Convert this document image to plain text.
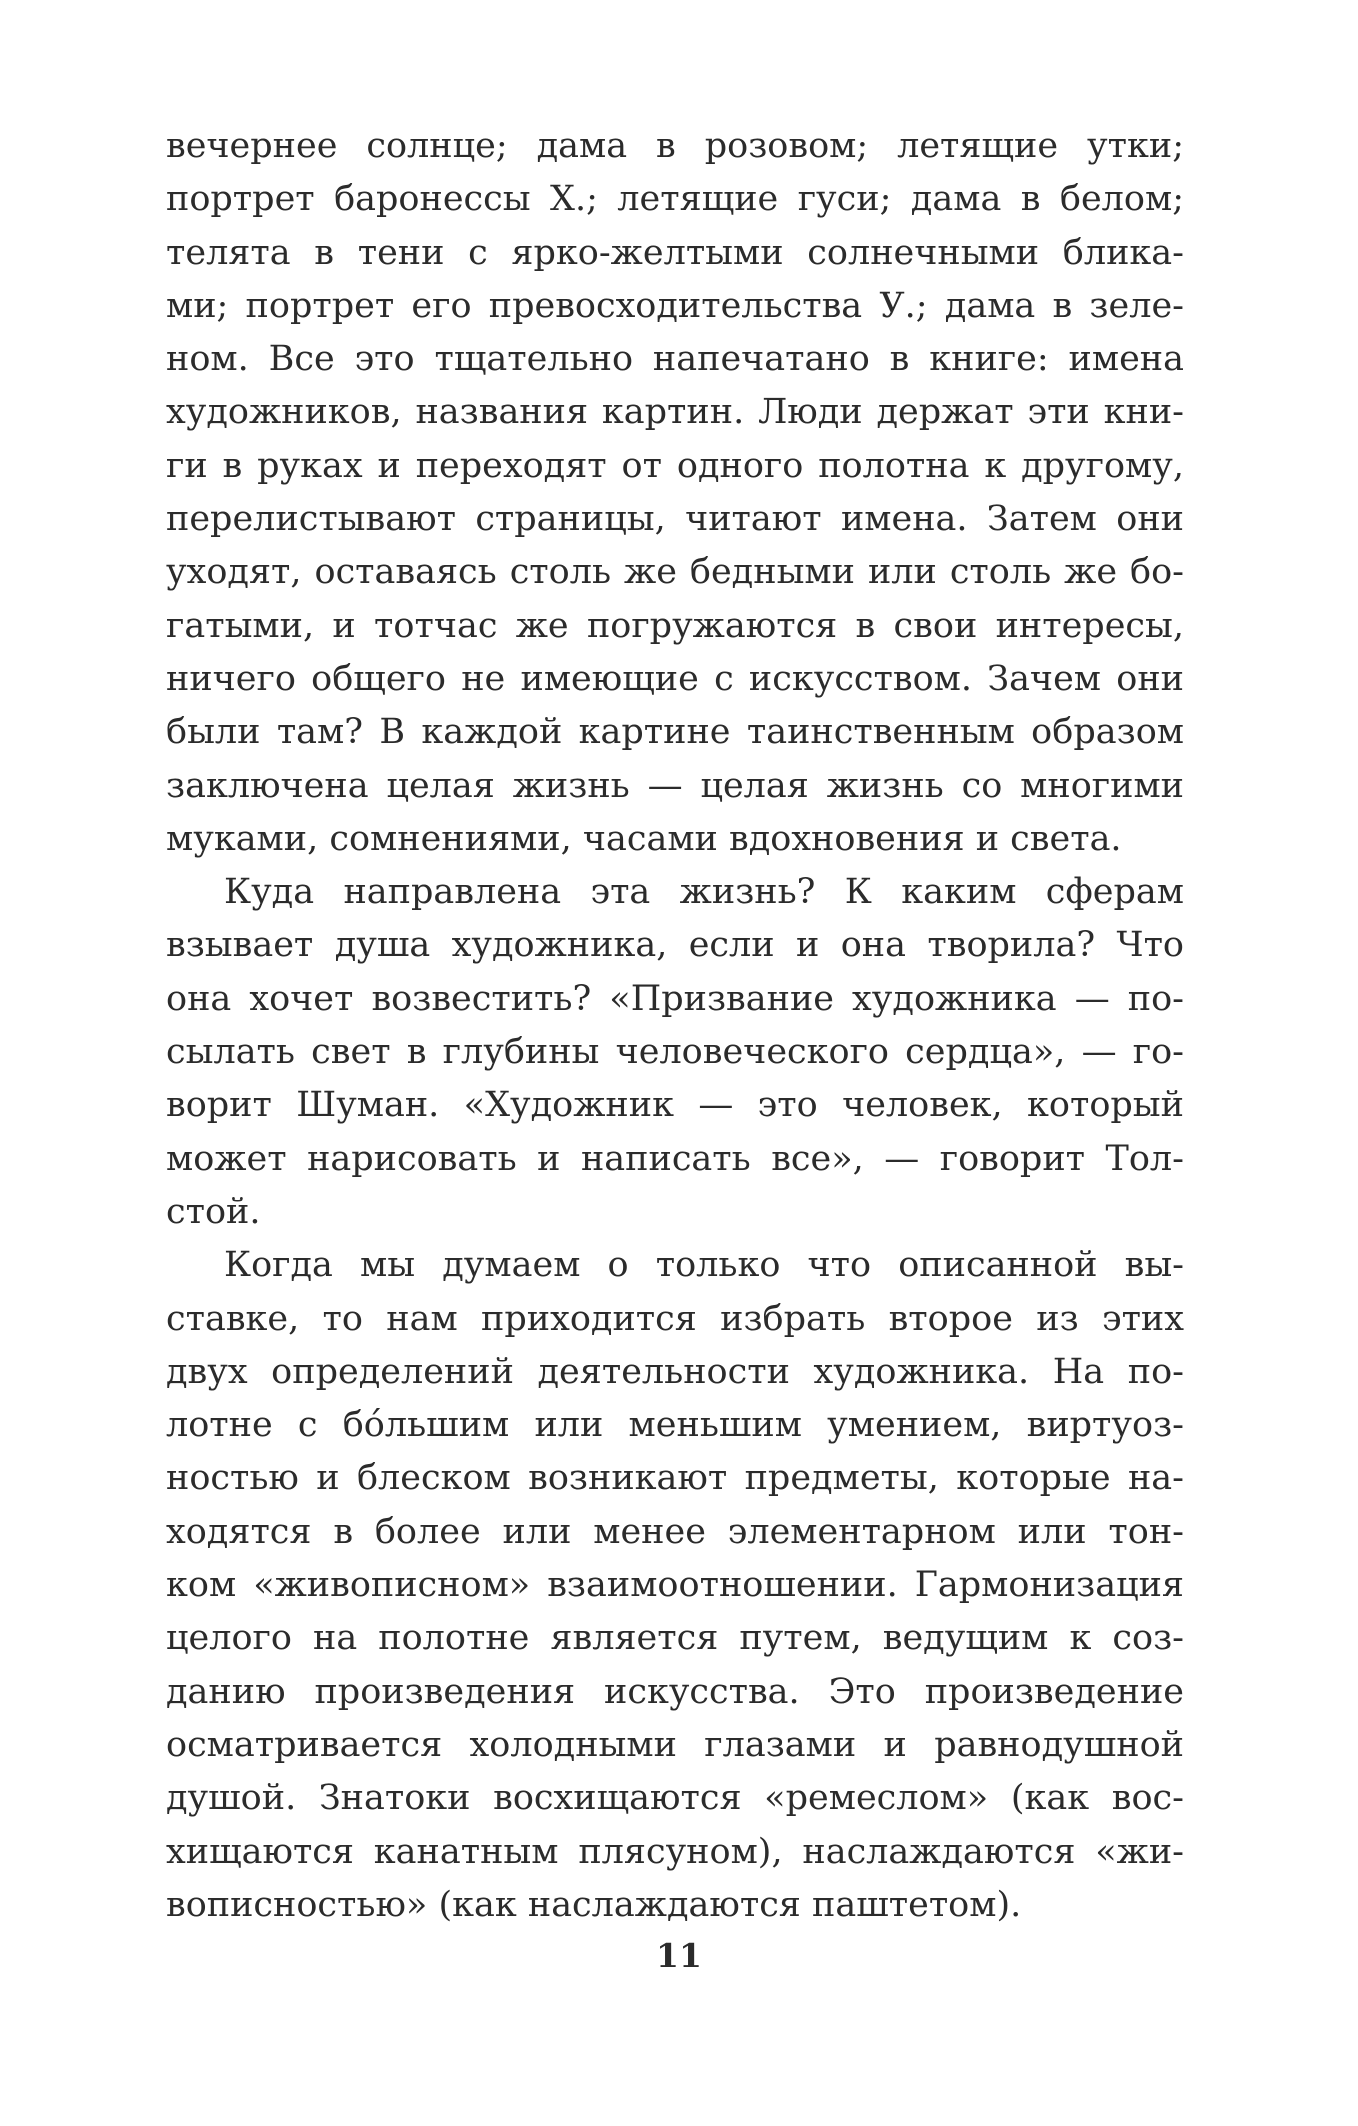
вечернее солнце; дама в розовом; летящие утки;
портрет баронессы Х.; летящие гуси; дама в белом;
телята в тени с ярко-желтыми солнечными блика-
ми; портрет его превосходительства У.; дама в зеле-
ном. Все это тщательно напечатано в книге: имена
художников, названия картин. Люди держат эти кни-
ги в руках и переходят от одного полотна к другому,
перелистывают страницы, читают имена. Затем они
уходят, оставаясь столь же бедными или столь же бо-
гатыми, и тотчас же погружаются в свои интересы,
ничего общего не имеющие с искусством. Зачем они
были там? В каждой картине таинственным образом
заключена целая жизнь — целая жизнь со многими
муками, сомнениями, часами вдохновения и света.
Куда направлена эта жизнь? К каким сферам
взывает душа художника, если и она творила? Что
она хочет возвестить? «Призвание художника — по-
сылать свет в глубины человеческого сердца», — го-
ворит Шуман. «Художник — это человек, который
может нарисовать и написать все», — говорит Тол-
стой.
Когда мы думаем о только что описанной вы-
ставке, то нам приходится избрать второе из этих
двух определений деятельности художника. На по-
лотне с бо́льшим или меньшим умением, виртуоз-
ностью и блеском возникают предметы, которые на-
ходятся в более или менее элементарном или тон-
ком «живописном» взаимоотношении. Гармонизация
целого на полотне является путем, ведущим к соз-
данию произведения искусства. Это произведение
осматривается холодными глазами и равнодушной
душой. Знатоки восхищаются «ремеслом» (как вос-
хищаются канатным плясуном), наслаждаются «жи-
вописностью» (как наслаждаются паштетом).
11
